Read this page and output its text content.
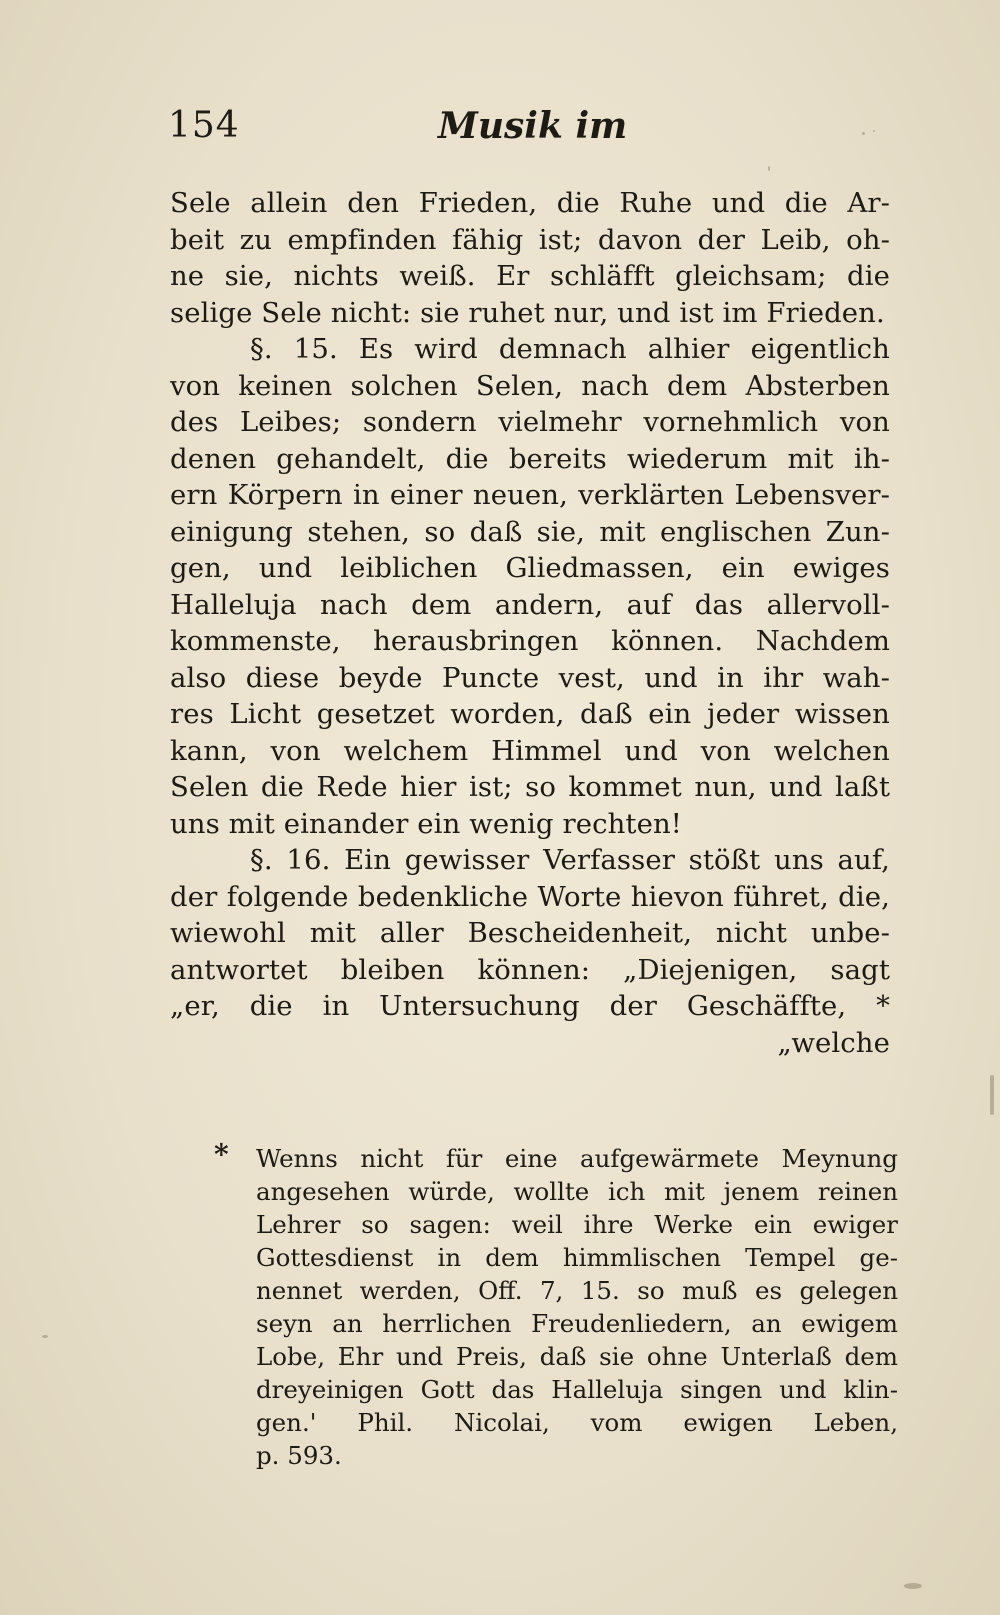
154	Musik im
Sele allein den Frieden, die Ruhe und die Ar-
beit zu empfinden fähig ist; davon der Leib, oh-
ne sie, nichts weiß. Er schläfft gleichsam; die
selige Sele nicht: sie ruhet nur, und ist im Frieden.
§. 15. Es wird demnach alhier eigentlich
von keinen solchen Selen, nach dem Absterben
des Leibes; sondern vielmehr vornehmlich von
denen gehandelt, die bereits wiederum mit ih-
ern Körpern in einer neuen, verklärten Lebensver-
einigung stehen, so daß sie, mit englischen Zun-
gen, und leiblichen Gliedmassen, ein ewiges
Halleluja nach dem andern, auf das allervoll-
kommenste, herausbringen können. Nachdem
also diese beyde Puncte vest, und in ihr wah-
res Licht gesetzet worden, daß ein jeder wissen
kann, von welchem Himmel und von welchen
Selen die Rede hier ist; so kommet nun, und laßt
uns mit einander ein wenig rechten!
§. 16. Ein gewisser Verfasser stößt uns auf,
der folgende bedenkliche Worte hievon führet, die,
wiewohl mit aller Bescheidenheit, nicht unbe-
antwortet bleiben können: „Diejenigen, sagt
„er, die in Untersuchung der Geschäffte, *
„welche
* Wenns nicht für eine aufgewärmete Meynung
angesehen würde, wollte ich mit jenem reinen
Lehrer so sagen: weil ihre Werke ein ewiger
Gottesdienst in dem himmlischen Tempel ge-
nennet werden, Off. 7, 15. so muß es gelegen
seyn an herrlichen Freudenliedern, an ewigem
Lobe, Ehr und Preis, daß sie ohne Unterlaß dem
dreyeinigen Gott das Halleluja singen und klin-
gen.' Phil. Nicolai, vom ewigen Leben,
p. 593.
